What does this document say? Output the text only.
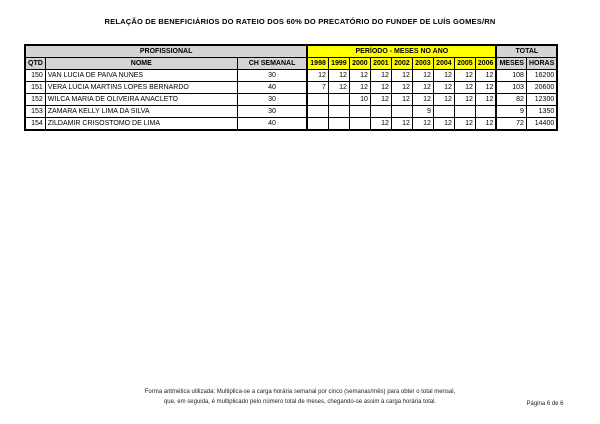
RELAÇÃO DE BENEFICIÁRIOS DO RATEIO DOS 60% DO PRECATÓRIO DO FUNDEF DE LUÍS GOMES/RN
PROFISSIONAL			PERÍODO - MESES NO ANO									TOTAL	
QTD	NOME	CH SEMANAL	1998	1999	2000	2001	2002	2003	2004	2005	2006	MESES	HORAS
150	VAN LUCIA DE PAIVA NUNES	30	12	12	12	12	12	12	12	12	12	108	16200
151	VERA LUCIA MARTINS LOPES BERNARDO	40	7	12	12	12	12	12	12	12	12	103	20600
152	WILCA MARIA DE OLIVEIRA ANACLETO	30			10	12	12	12	12	12	12	82	12300
153	ZAMARA KELLY LIMA DA SILVA	30						9				9	1350
154	ZILDAMIR CRISOSTOMO DE LIMA	40				12	12	12	12	12	12	72	14400
Forma aritmética utilizada: Multiplica-se a carga horária semanal por cinco (semanas/mês) para obter o total mensal,
que, em seguida, é multiplicado pelo número total de meses, chegando-se assim à carga horária total.	Página 6 de 6
